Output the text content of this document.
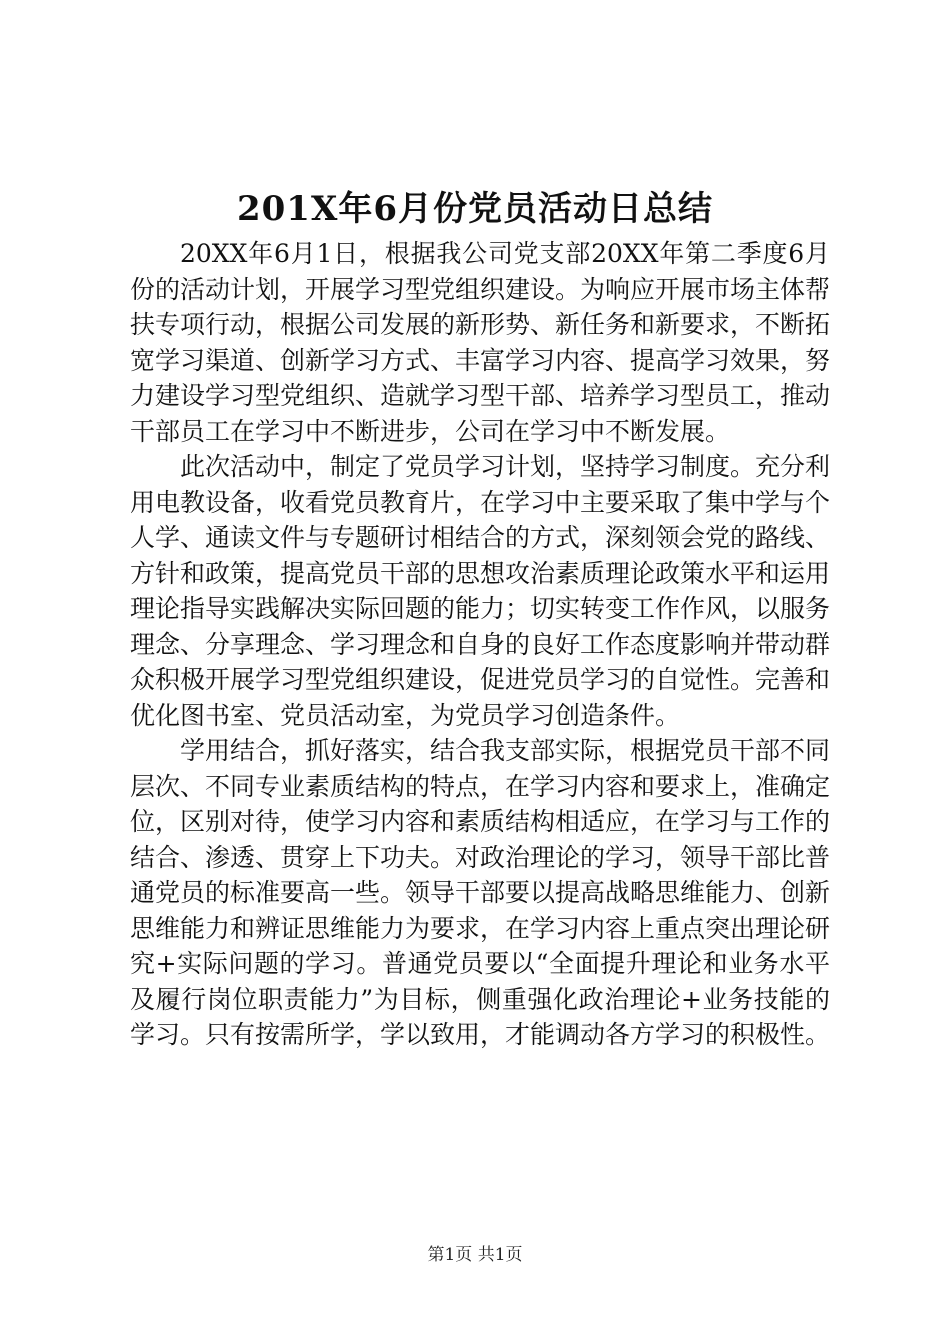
201X年6月份党员活动日总结

20XX年6月1日，根据我公司党支部20XX年第二季度6月份的活动计划，开展学习型党组织建设。为响应开展市场主体帮扶专项行动，根据公司发展的新形势、新任务和新要求，不断拓宽学习渠道、创新学习方式、丰富学习内容、提高学习效果，努力建设学习型党组织、造就学习型干部、培养学习型员工，推动干部员工在学习中不断进步，公司在学习中不断发展。

此次活动中，制定了党员学习计划，坚持学习制度。充分利用电教设备，收看党员教育片，在学习中主要采取了集中学与个人学、通读文件与专题研讨相结合的方式，深刻领会党的路线、方针和政策，提高党员干部的思想攻治素质理论政策水平和运用理论指导实践解决实际回题的能力；切实转变工作作风，以服务理念、分享理念、学习理念和自身的良好工作态度影响并带动群众积极开展学习型党组织建设，促进党员学习的自觉性。完善和优化图书室、党员活动室，为党员学习创造条件。

学用结合，抓好落实，结合我支部实际，根据党员干部不同层次、不同专业素质结构的特点，在学习内容和要求上，准确定位，区别对待，使学习内容和素质结构相适应，在学习与工作的结合、渗透、贯穿上下功夫。对政治理论的学习，领导干部比普通党员的标准要高一些。领导干部要以提高战略思维能力、创新思维能力和辨证思维能力为要求，在学习内容上重点突出理论研究+实际问题的学习。普通党员要以“全面提升理论和业务水平及履行岗位职责能力”为目标，侧重强化政治理论+业务技能的学习。只有按需所学，学以致用，才能调动各方学习的积极性。

第1页 共1页
